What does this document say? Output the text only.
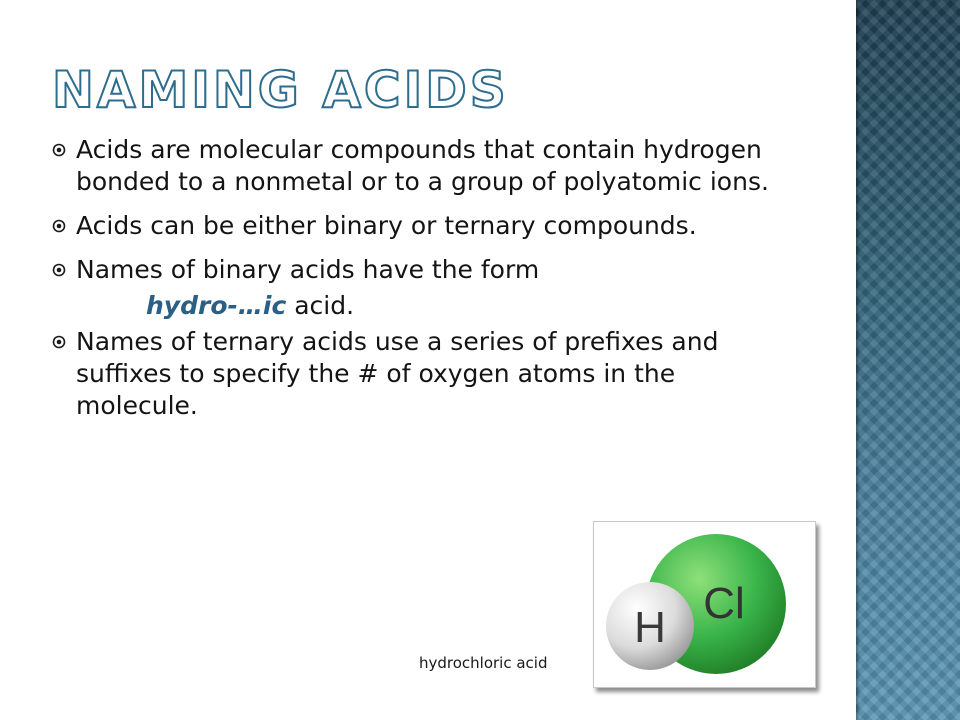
NAMING ACIDS
Acids are molecular compounds that contain hydrogen bonded to a nonmetal or to a group of polyatomic ions.
Acids can be either binary or ternary compounds.
Names of binary acids have the form
hydro-…ic acid.
Names of ternary acids use a series of prefixes and suffixes to specify the # of oxygen atoms in the molecule.
Cl
H
hydrochloric acid
